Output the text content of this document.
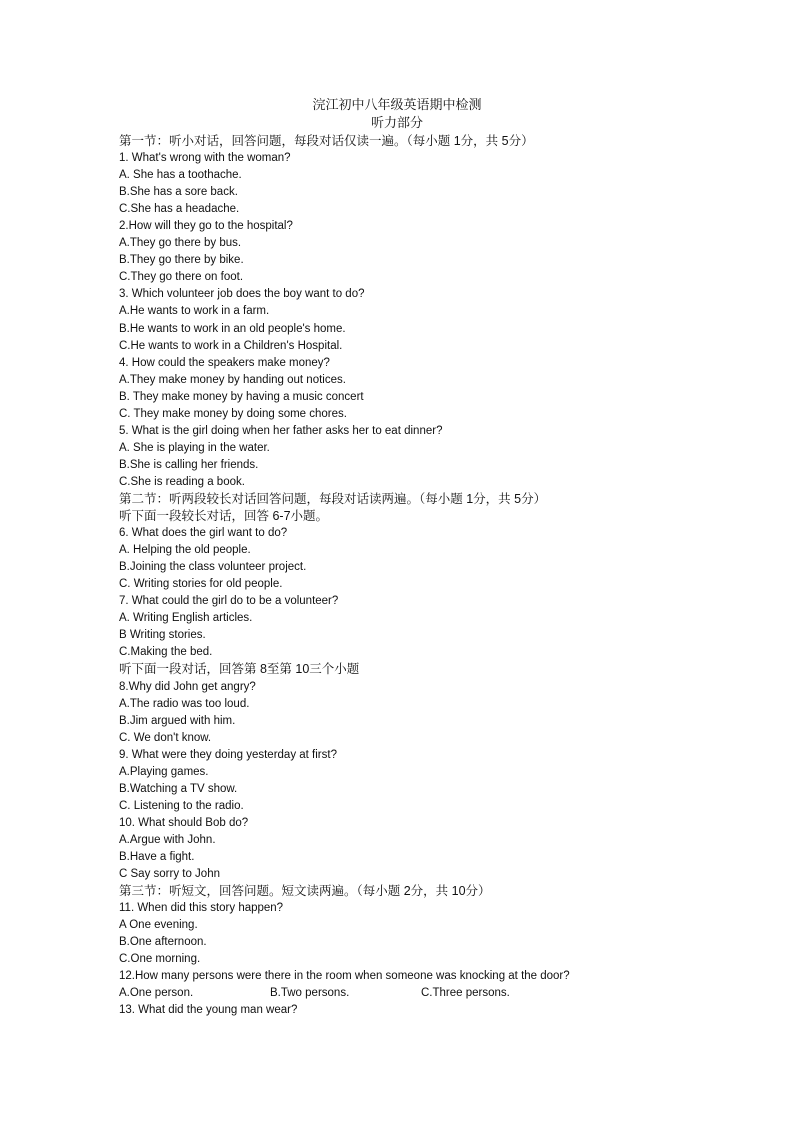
浣江初中八年级英语期中检测
听力部分
第一节：听小对话，回答问题，每段对话仅读一遍。（每小题 1分，共 5分）
1. What's wrong with the woman?
A. She has a toothache.
B.She has a sore back.
C.She has a headache.
2.How will they go to the hospital?
A.They go there by bus.
B.They go there by bike.
C.They go there on foot.
3. Which volunteer job does the boy want to do?
A.He wants to work in a farm.
B.He wants to work in an old people's home.
C.He wants to work in a Children's Hospital.
4. How could the speakers make money?
A.They make money by handing out notices.
B. They make money by having a music concert
C. They make money by doing some chores.
5. What is the girl doing when her father asks her to eat dinner?
A. She is playing in the water.
B.She is calling her friends.
C.She is reading a book.
第二节：听两段较长对话回答问题，每段对话读两遍。（每小题 1分，共 5分）
听下面一段较长对话，回答 6-7小题。
6. What does the girl want to do?
A. Helping the old people.
B.Joining the class volunteer project.
C. Writing stories for old people.
7. What could the girl do to be a volunteer?
A. Writing English articles.
B Writing stories.
C.Making the bed.
听下面一段对话，回答第 8至第 10三个小题
8.Why did John get angry?
A.The radio was too loud.
B.Jim argued with him.
C. We don't know.
9. What were they doing yesterday at first?
A.Playing games.
B.Watching a TV show.
C. Listening to the radio.
10. What should Bob do?
A.Argue with John.
B.Have a fight.
C Say sorry to John
第三节：听短文，回答问题。短文读两遍。（每小题 2分，共 10分）
11. When did this story happen?
A One evening.
B.One afternoon.
C.One morning.
12.How many persons were there in the room when someone was knocking at the door?
A.One person.	B.Two persons.	C.Three persons.
13. What did the young man wear?
